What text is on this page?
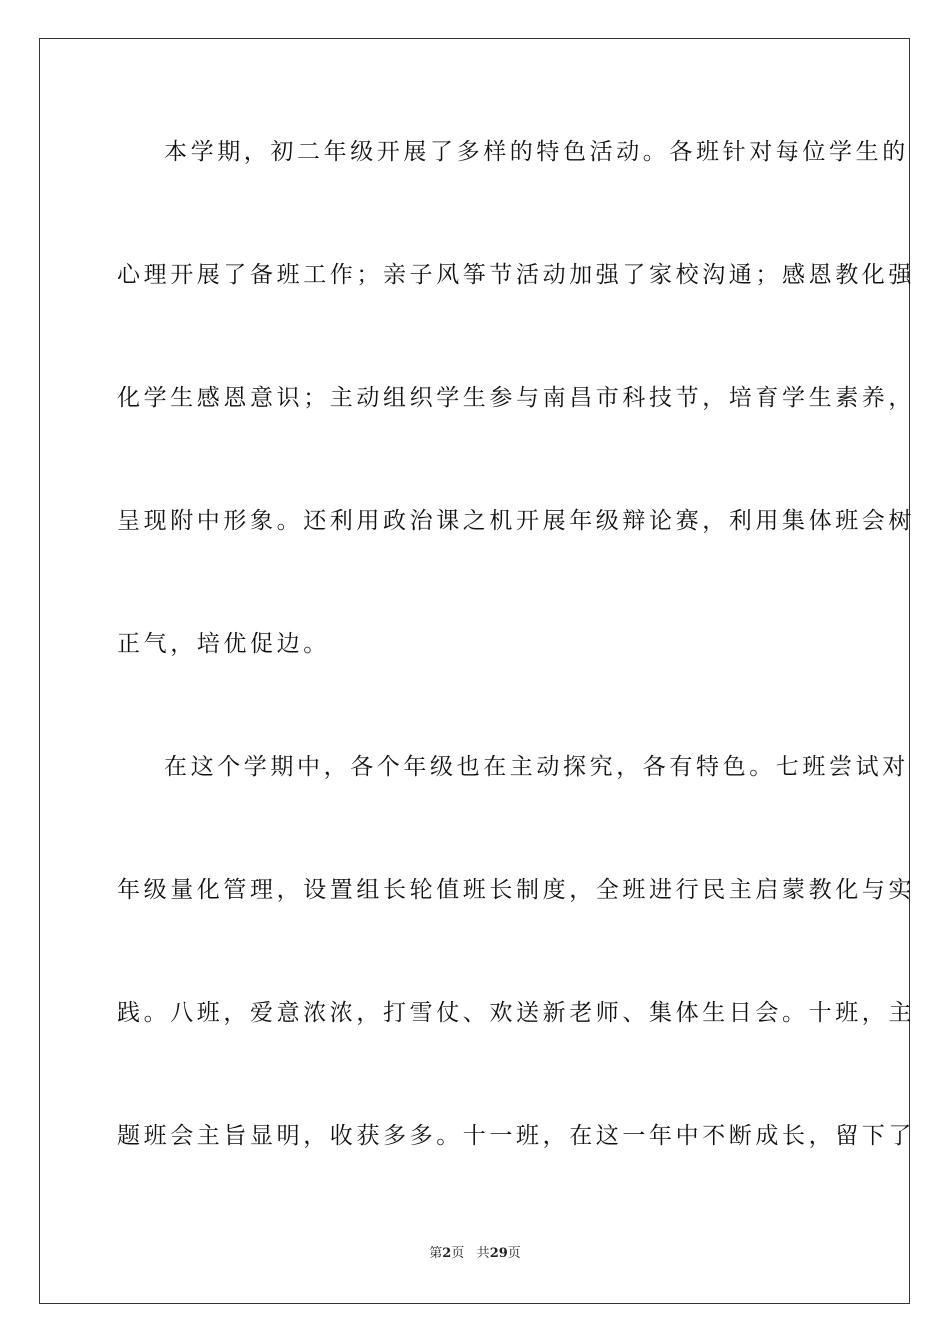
本学期，初二年级开展了多样的特色活动。各班针对每位学生的
心理开展了备班工作；亲子风筝节活动加强了家校沟通；感恩教化强
化学生感恩意识；主动组织学生参与南昌市科技节，培育学生素养，
呈现附中形象。还利用政治课之机开展年级辩论赛，利用集体班会树
正气，培优促边。
在这个学期中，各个年级也在主动探究，各有特色。七班尝试对
年级量化管理，设置组长轮值班长制度，全班进行民主启蒙教化与实
践。八班，爱意浓浓，打雪仗、欢送新老师、集体生日会。十班，主
题班会主旨显明，收获多多。十一班，在这一年中不断成长，留下了
第2页 共29页
